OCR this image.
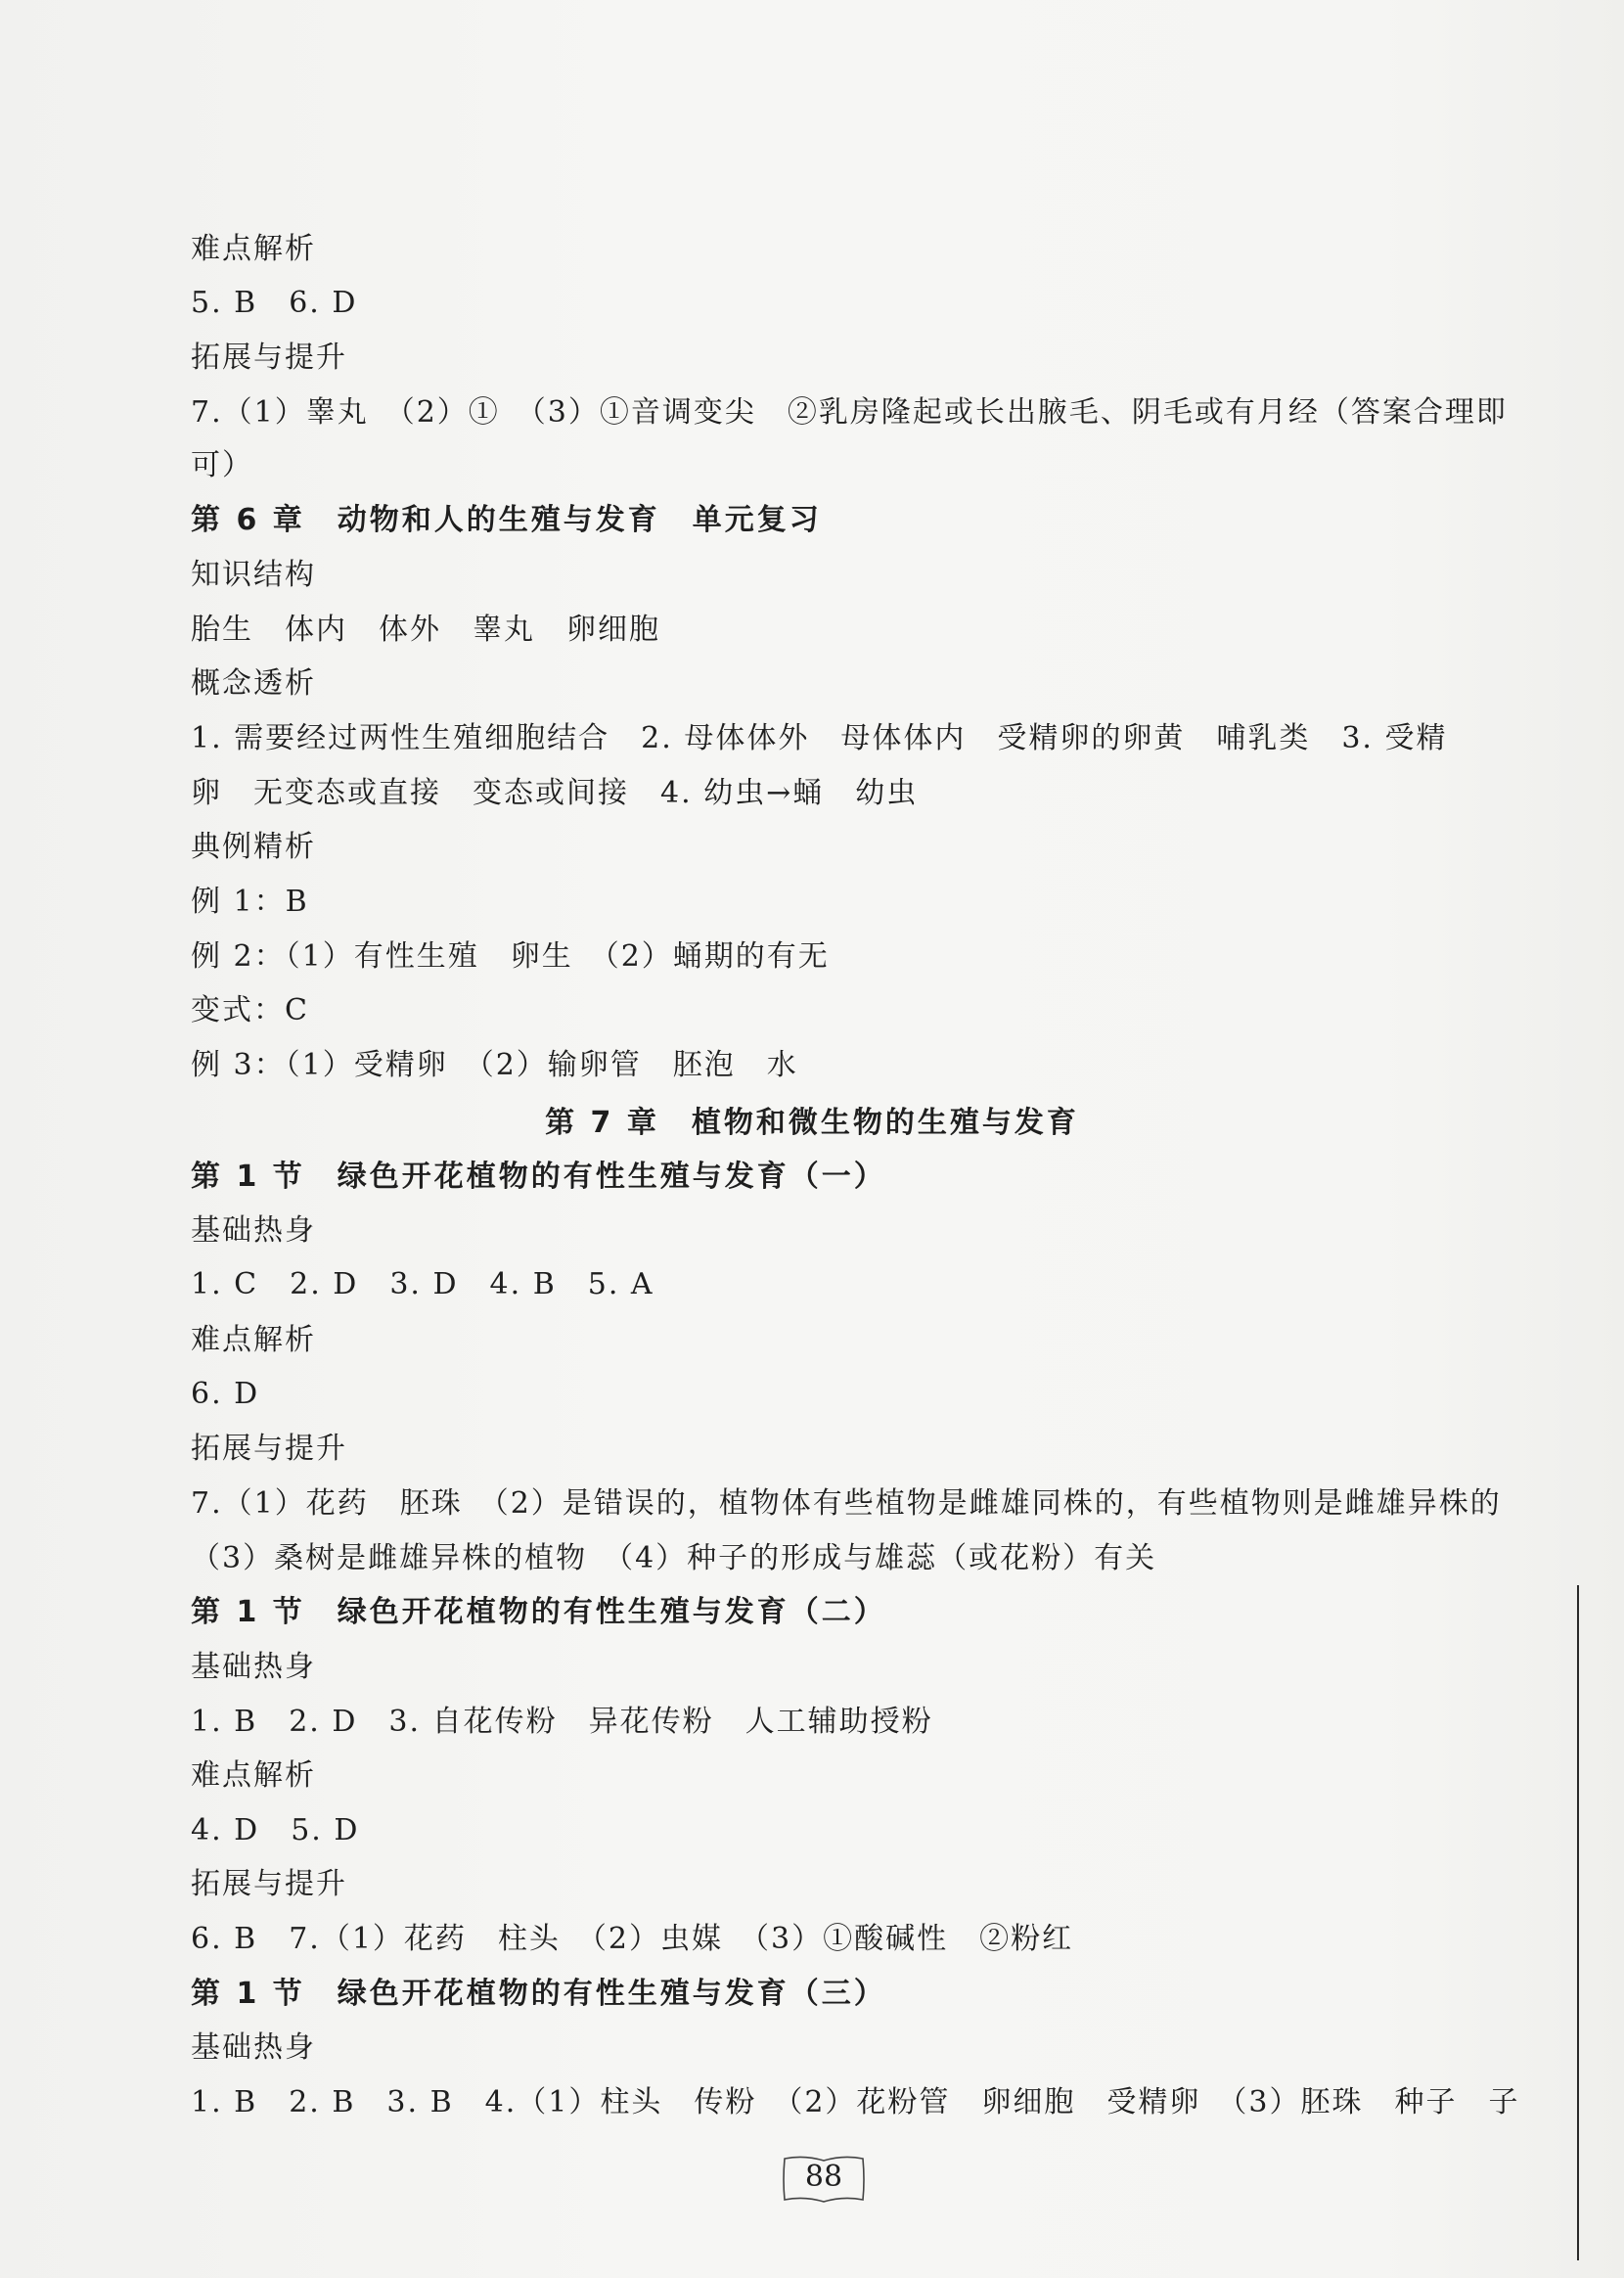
难点解析
5. B　6. D
拓展与提升
7.（1）睾丸　（2）①　（3）①音调变尖　②乳房隆起或长出腋毛、阴毛或有月经（答案合理即
可）
第 6 章　动物和人的生殖与发育　单元复习
知识结构
胎生　体内　体外　睾丸　卵细胞
概念透析
1. 需要经过两性生殖细胞结合　2. 母体体外　母体体内　受精卵的卵黄　哺乳类　3. 受精
卵　无变态或直接　变态或间接　4. 幼虫→蛹　幼虫
典例精析
例 1：B
例 2：（1）有性生殖　卵生　（2）蛹期的有无
变式：C
例 3：（1）受精卵　（2）输卵管　胚泡　水
第 7 章　植物和微生物的生殖与发育
第 1 节　绿色开花植物的有性生殖与发育（一）
基础热身
1. C　2. D　3. D　4. B　5. A
难点解析
6. D
拓展与提升
7.（1）花药　胚珠　（2）是错误的，植物体有些植物是雌雄同株的，有些植物则是雌雄异株的
（3）桑树是雌雄异株的植物　（4）种子的形成与雄蕊（或花粉）有关
第 1 节　绿色开花植物的有性生殖与发育（二）
基础热身
1. B　2. D　3. 自花传粉　异花传粉　人工辅助授粉
难点解析
4. D　5. D
拓展与提升
6. B　7.（1）花药　柱头　（2）虫媒　（3）①酸碱性　②粉红
第 1 节　绿色开花植物的有性生殖与发育（三）
基础热身
1. B　2. B　3. B　4.（1）柱头　传粉　（2）花粉管　卵细胞　受精卵　（3）胚珠　种子　子
88
